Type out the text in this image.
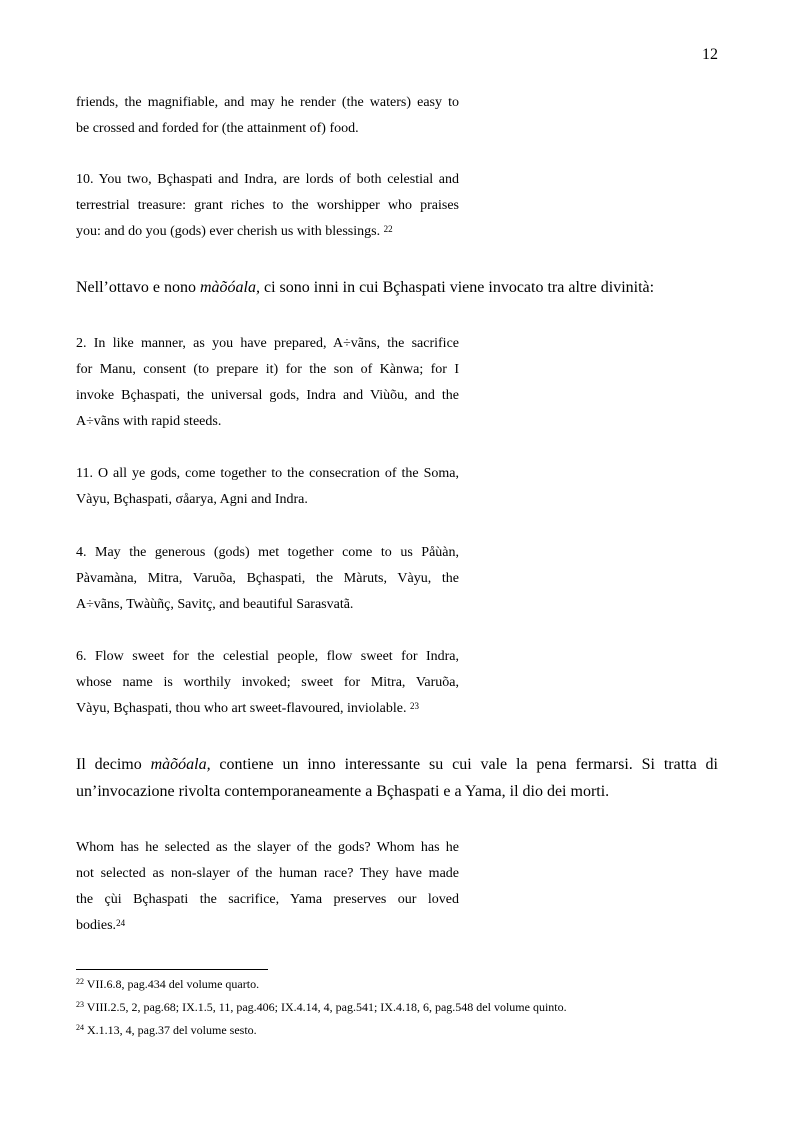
12
friends, the magnifiable, and may he render (the waters) easy to
be crossed and forded for (the attainment of) food.
10. You two, Bçhaspati and Indra, are lords of both celestial and
terrestrial treasure: grant riches to the worshipper who praises
you: and do you (gods) ever cherish us with blessings. $^{22}$
Nell’ottavo e nono màõóala, ci sono inni in cui Bçhaspati viene invocato tra altre divinità:
2. In like manner, as you have prepared, A÷vãns, the sacrifice
for Manu, consent (to prepare it) for the son of Kànwa; for I
invoke Bçhaspati, the universal gods, Indra and Viùõu, and the
A÷vãns with rapid steeds.
11. O all ye gods, come together to the consecration of the Soma,
Vàyu, Bçhaspati, σåarya, Agni and Indra.
4. May the generous (gods) met together come to us Påùàn,
Pàvamàna, Mitra, Varuõa, Bçhaspati, the Màruts, Vàyu, the
A÷vãns, Twàùñç, Savitç, and beautiful Sarasvatã.
6. Flow sweet for the celestial people, flow sweet for Indra,
whose name is worthily invoked; sweet for Mitra, Varuõa,
Vàyu, Bçhaspati, thou who art sweet-flavoured, inviolable. $^{23}$
Il decimo màõóala, contiene un inno interessante su cui vale la pena fermarsi. Si tratta di
un’invocazione rivolta contemporaneamente a Bçhaspati e a Yama, il dio dei morti.
Whom has he selected as the slayer of the gods? Whom has he
not selected as non-slayer of the human race? They have made
the çùi Bçhaspati the sacrifice, Yama preserves our loved
bodies.$^{24}$
$^{22}$ VII.6.8, pag.434 del volume quarto.
$^{23}$ VIII.2.5, 2, pag.68; IX.1.5, 11, pag.406; IX.4.14, 4, pag.541; IX.4.18, 6, pag.548 del volume quinto.
$^{24}$ X.1.13, 4, pag.37 del volume sesto.
